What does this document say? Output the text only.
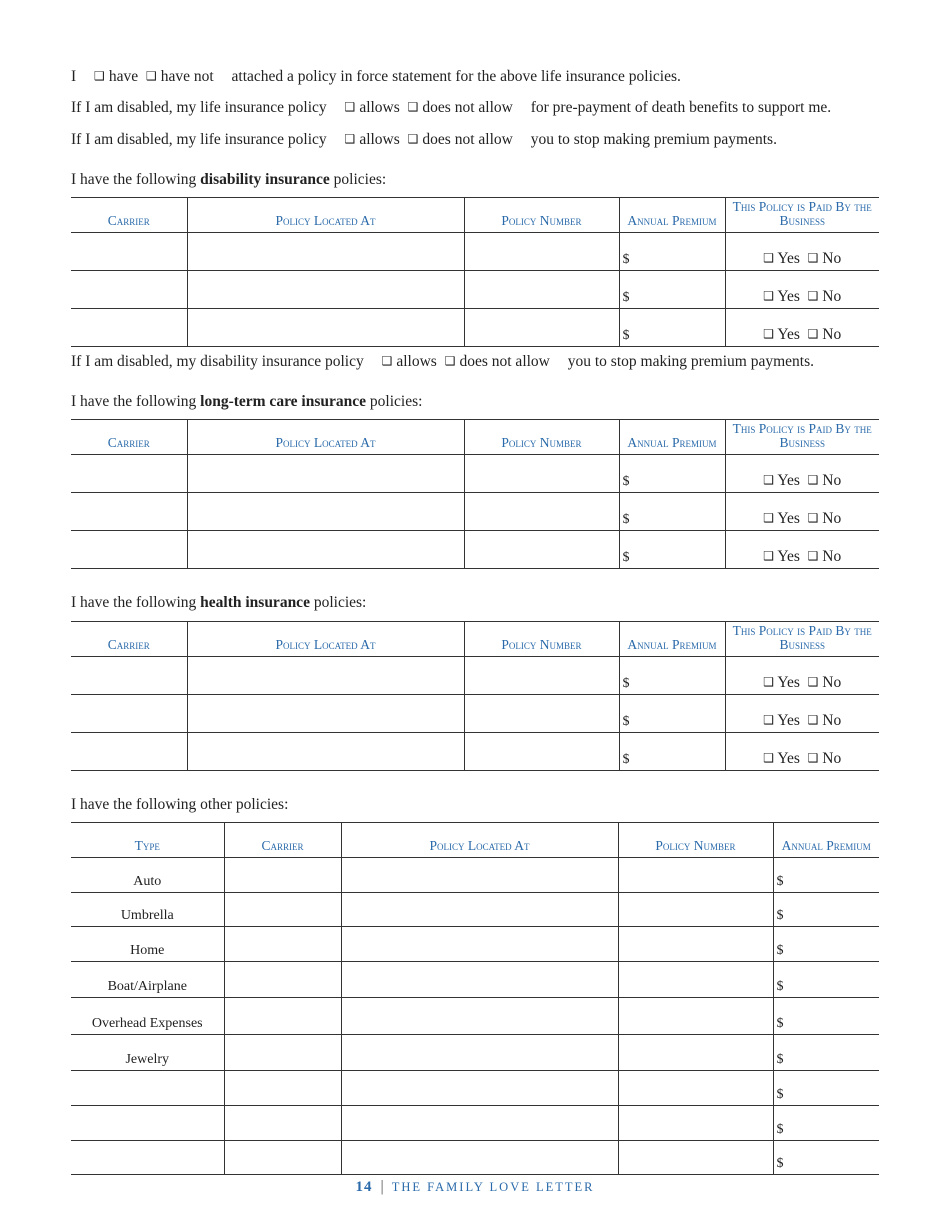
I ❑ have ❑ have not attached a policy in force statement for the above life insurance policies.
If I am disabled, my life insurance policy ❑ allows ❑ does not allow for pre-payment of death benefits to support me.
If I am disabled, my life insurance policy ❑ allows ❑ does not allow you to stop making premium payments.
I have the following disability insurance policies:
Carrier	Policy Located At	Policy Number	Annual Premium	This Policy is Paid By the Business
			$	❑ Yes ❑ No
			$	❑ Yes ❑ No
			$	❑ Yes ❑ No
If I am disabled, my disability insurance policy ❑ allows ❑ does not allow you to stop making premium payments.
I have the following long-term care insurance policies:
Carrier	Policy Located At	Policy Number	Annual Premium	This Policy is Paid By the Business
			$	❑ Yes ❑ No
			$	❑ Yes ❑ No
			$	❑ Yes ❑ No
I have the following health insurance policies:
Carrier	Policy Located At	Policy Number	Annual Premium	This Policy is Paid By the Business
			$	❑ Yes ❑ No
			$	❑ Yes ❑ No
			$	❑ Yes ❑ No
I have the following other policies:
Type	Carrier	Policy Located At	Policy Number	Annual Premium
Auto				$
Umbrella				$
Home				$
Boat/Airplane				$
Overhead Expenses				$
Jewelry				$
				$
				$
				$
14 | THE FAMILY LOVE LETTER
